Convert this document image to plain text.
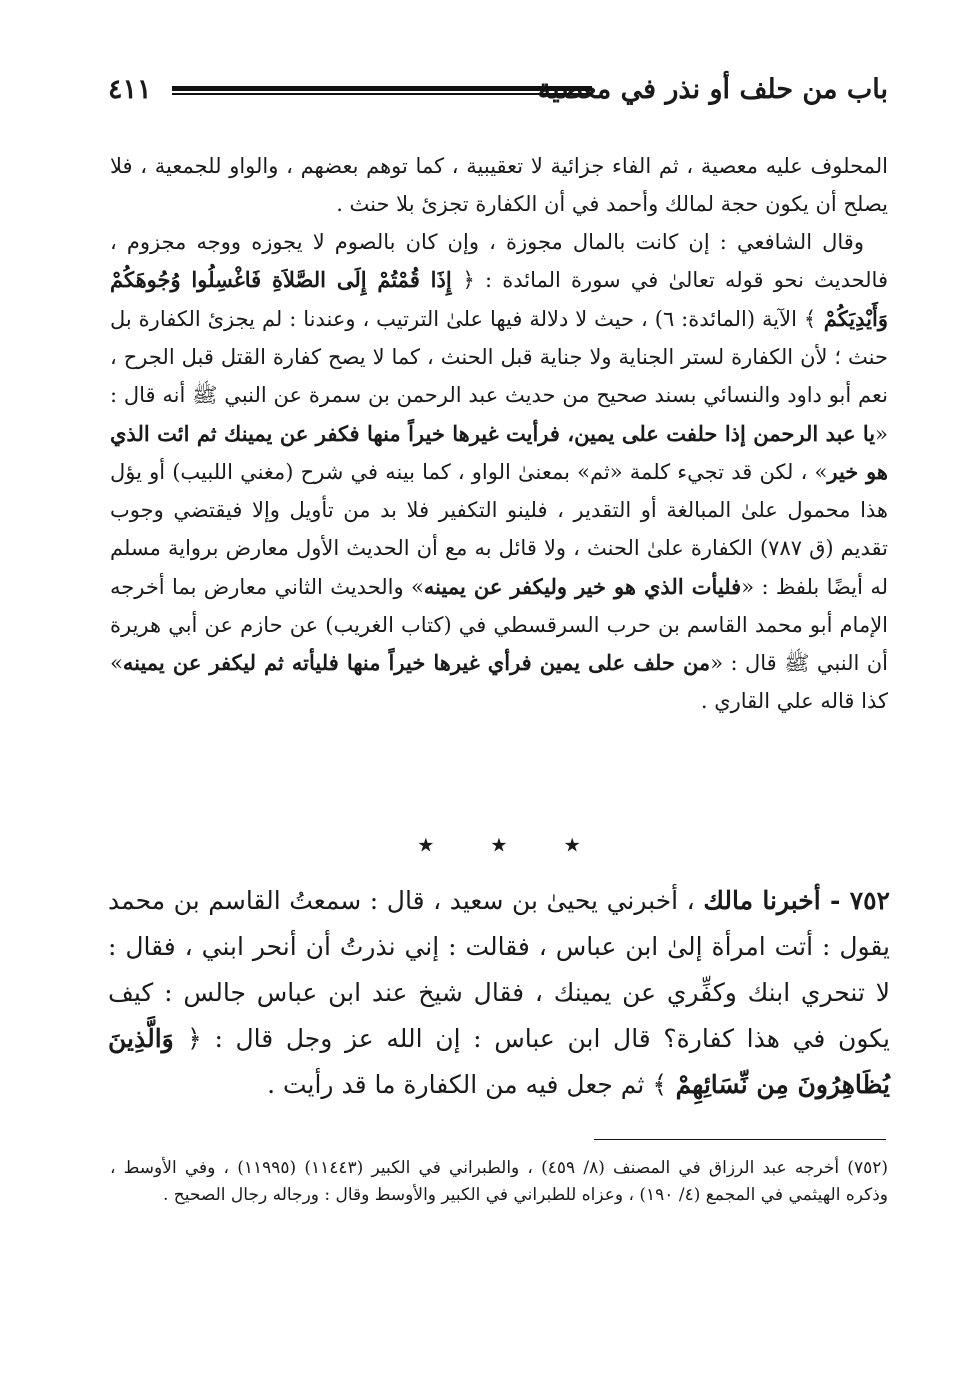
باب من حلف أو نذر في معصية
٤١١

المحلوف عليه معصية ، ثم الفاء جزائية لا تعقيبية ، كما توهم بعضهم ، والواو للجمعية ، فلا يصلح أن يكون حجة لمالك وأحمد في أن الكفارة تجزئ بلا حنث .

وقال الشافعي : إن كانت بالمال مجوزة ، وإن كان بالصوم لا يجوزه ووجه مجزوم ، فالحديث نحو قوله تعالىٰ في سورة المائدة : ﴿ إِذَا قُمْتُمْ إِلَى الصَّلاَةِ فَاغْسِلُوا وُجُوهَكُمْ وَأَيْدِيَكُمْ ﴾ الآية (المائدة: ٦) ، حيث لا دلالة فيها علىٰ الترتيب ، وعندنا : لم يجزئ الكفارة بل حنث ؛ لأن الكفارة لستر الجناية ولا جناية قبل الحنث ، كما لا يصح كفارة القتل قبل الجرح ، نعم أبو داود والنسائي بسند صحيح من حديث عبد الرحمن بن سمرة عن النبي ﷺ أنه قال : «يا عبد الرحمن إذا حلفت على يمين، فرأيت غيرها خيراً منها فكفر عن يمينك ثم ائت الذي هو خير» ، لكن قد تجيء كلمة «ثم» بمعنىٰ الواو ، كما بينه في شرح (مغني اللبيب) أو يؤل هذا محمول علىٰ المبالغة أو التقدير ، فلينو التكفير فلا بد من تأويل وإلا فيقتضي وجوب تقديم (ق ٧٨٧) الكفارة علىٰ الحنث ، ولا قائل به مع أن الحديث الأول معارض برواية مسلم له أيضًا بلفظ : «فليأت الذي هو خير وليكفر عن يمينه» والحديث الثاني معارض بما أخرجه الإمام أبو محمد القاسم بن حرب السرقسطي في (كتاب الغريب) عن حازم عن أبي هريرة أن النبي ﷺ قال : «من حلف على يمين فرأي غيرها خيراً منها فليأته ثم ليكفر عن يمينه» كذا قاله علي القاري .

٭ ٭ ٭

٧٥٢ - أخبرنا مالك ، أخبرني يحيىٰ بن سعيد ، قال : سمعتُ القاسم بن محمد يقول : أتت امرأة إلىٰ ابن عباس ، فقالت : إني نذرتُ أن أنحر ابني ، فقال : لا تنحري ابنك وكفِّري عن يمينك ، فقال شيخ عند ابن عباس جالس : كيف يكون في هذا كفارة؟ قال ابن عباس : إن الله عز وجل قال : ﴿ وَالَّذِينَ يُظَاهِرُونَ مِن نِّسَائِهِمْ ﴾ ثم جعل فيه من الكفارة ما قد رأيت .

(٧٥٢) أخرجه عبد الرزاق في المصنف (٨/ ٤٥٩) ، والطبراني في الكبير (١١٤٤٣) (١١٩٩٥) ، وفي الأوسط ، وذكره الهيثمي في المجمع (٤/ ١٩٠) ، وعزاه للطبراني في الكبير والأوسط وقال : ورجاله رجال الصحيح .
